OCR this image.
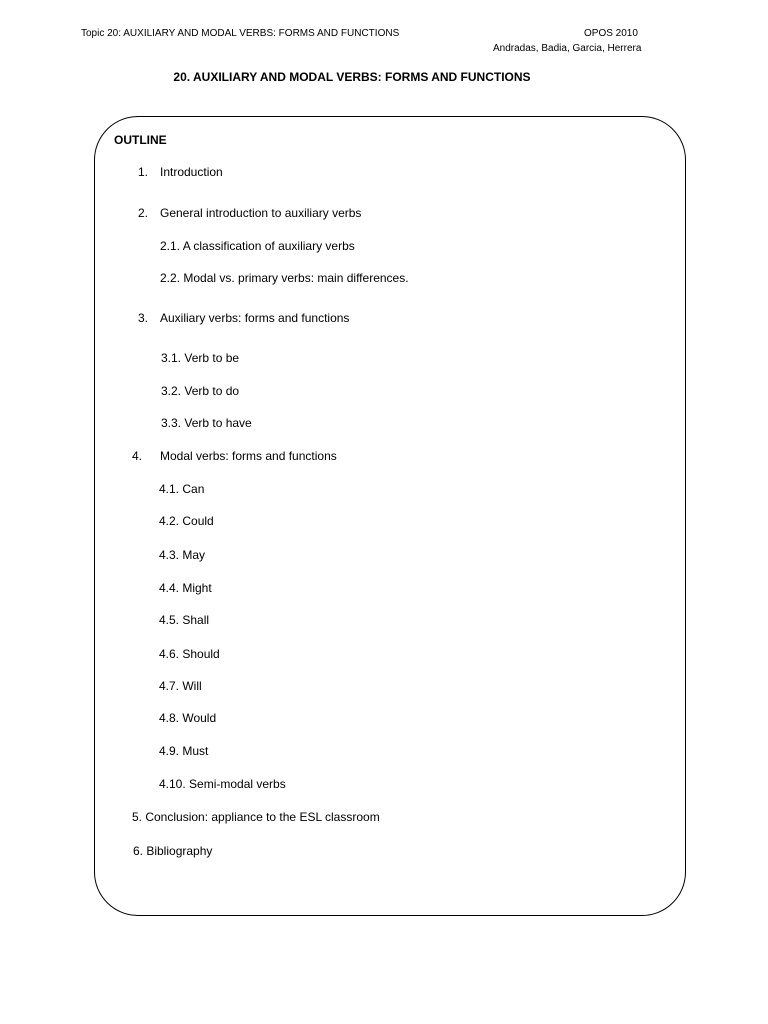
Topic 20: AUXILIARY AND MODAL VERBS: FORMS AND FUNCTIONS	OPOS 2010
Andradas, Badia, Garcia, Herrera
20. AUXILIARY AND MODAL VERBS: FORMS AND FUNCTIONS
OUTLINE
1. Introduction
2. General introduction to auxiliary verbs
2.1. A classification of auxiliary verbs
2.2. Modal vs. primary verbs: main differences.
3. Auxiliary verbs: forms and functions
3.1. Verb to be
3.2. Verb to do
3.3. Verb to have
4. Modal verbs: forms and functions
4.1. Can
4.2. Could
4.3. May
4.4. Might
4.5. Shall
4.6. Should
4.7. Will
4.8. Would
4.9. Must
4.10. Semi-modal verbs
5. Conclusion: appliance to the ESL classroom
6. Bibliography
